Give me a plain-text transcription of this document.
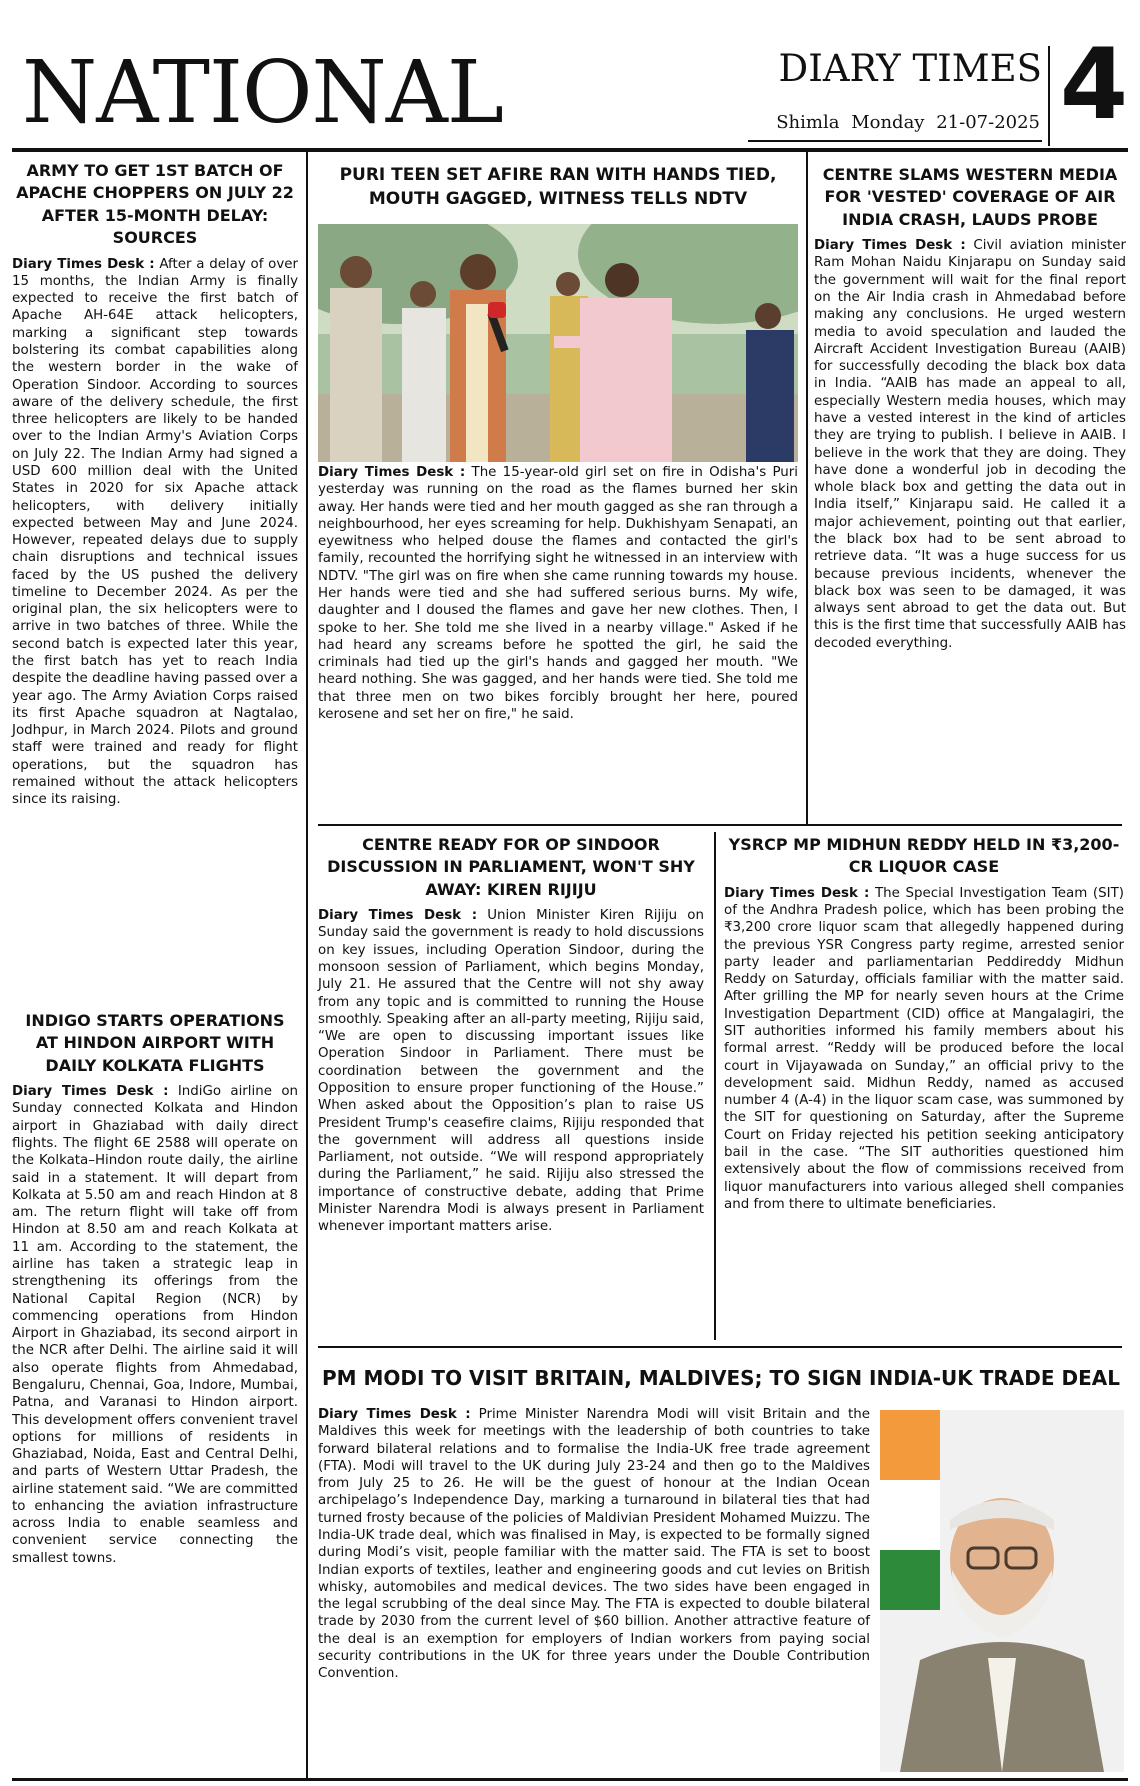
NATIONAL	DIARY TIMES 4
Shimla Monday 21-07-2025
ARMY TO GET 1ST BATCH OF APACHE CHOPPERS ON JULY 22 AFTER 15-MONTH DELAY: SOURCES
Diary Times Desk : After a delay of over 15 months, the Indian Army is finally expected to receive the first batch of Apache AH-64E attack helicopters, marking a significant step towards bolstering its combat capabilities along the western border in the wake of Operation Sindoor. According to sources aware of the delivery schedule, the first three helicopters are likely to be handed over to the Indian Army's Aviation Corps on July 22. The Indian Army had signed a USD 600 million deal with the United States in 2020 for six Apache attack helicopters, with delivery initially expected between May and June 2024. However, repeated delays due to supply chain disruptions and technical issues faced by the US pushed the delivery timeline to December 2024. As per the original plan, the six helicopters were to arrive in two batches of three. While the second batch is expected later this year, the first batch has yet to reach India despite the deadline having passed over a year ago. The Army Aviation Corps raised its first Apache squadron at Nagtalao, Jodhpur, in March 2024. Pilots and ground staff were trained and ready for flight operations, but the squadron has remained without the attack helicopters since its raising.
INDIGO STARTS OPERATIONS AT HINDON AIRPORT WITH DAILY KOLKATA FLIGHTS
Diary Times Desk : IndiGo airline on Sunday connected Kolkata and Hindon airport in Ghaziabad with daily direct flights. The flight 6E 2588 will operate on the Kolkata–Hindon route daily, the airline said in a statement. It will depart from Kolkata at 5.50 am and reach Hindon at 8 am. The return flight will take off from Hindon at 8.50 am and reach Kolkata at 11 am. According to the statement, the airline has taken a strategic leap in strengthening its offerings from the National Capital Region (NCR) by commencing operations from Hindon Airport in Ghaziabad, its second airport in the NCR after Delhi. The airline said it will also operate flights from Ahmedabad, Bengaluru, Chennai, Goa, Indore, Mumbai, Patna, and Varanasi to Hindon airport. This development offers convenient travel options for millions of residents in Ghaziabad, Noida, East and Central Delhi, and parts of Western Uttar Pradesh, the airline statement said. “We are committed to enhancing the aviation infrastructure across India to enable seamless and convenient service connecting the smallest towns.
PURI TEEN SET AFIRE RAN WITH HANDS TIED, MOUTH GAGGED, WITNESS TELLS NDTV
Diary Times Desk : The 15-year-old girl set on fire in Odisha's Puri yesterday was running on the road as the flames burned her skin away. Her hands were tied and her mouth gagged as she ran through a neighbourhood, her eyes screaming for help. Dukhishyam Senapati, an eyewitness who helped douse the flames and contacted the girl's family, recounted the horrifying sight he witnessed in an interview with NDTV. "The girl was on fire when she came running towards my house. Her hands were tied and she had suffered serious burns. My wife, daughter and I doused the flames and gave her new clothes. Then, I spoke to her. She told me she lived in a nearby village." Asked if he had heard any screams before he spotted the girl, he said the criminals had tied up the girl's hands and gagged her mouth. "We heard nothing. She was gagged, and her hands were tied. She told me that three men on two bikes forcibly brought her here, poured kerosene and set her on fire," he said.
CENTRE SLAMS WESTERN MEDIA FOR 'VESTED' COVERAGE OF AIR INDIA CRASH, LAUDS PROBE
Diary Times Desk : Civil aviation minister Ram Mohan Naidu Kinjarapu on Sunday said the government will wait for the final report on the Air India crash in Ahmedabad before making any conclusions. He urged western media to avoid speculation and lauded the Aircraft Accident Investigation Bureau (AAIB) for successfully decoding the black box data in India. “AAIB has made an appeal to all, especially Western media houses, which may have a vested interest in the kind of articles they are trying to publish. I believe in AAIB. I believe in the work that they are doing. They have done a wonderful job in decoding the whole black box and getting the data out in India itself,” Kinjarapu said. He called it a major achievement, pointing out that earlier, the black box had to be sent abroad to retrieve data. “It was a huge success for us because previous incidents, whenever the black box was seen to be damaged, it was always sent abroad to get the data out. But this is the first time that successfully AAIB has decoded everything.
CENTRE READY FOR OP SINDOOR DISCUSSION IN PARLIAMENT, WON'T SHY AWAY: KIREN RIJIJU
Diary Times Desk : Union Minister Kiren Rijiju on Sunday said the government is ready to hold discussions on key issues, including Operation Sindoor, during the monsoon session of Parliament, which begins Monday, July 21. He assured that the Centre will not shy away from any topic and is committed to running the House smoothly. Speaking after an all-party meeting, Rijiju said, “We are open to discussing important issues like Operation Sindoor in Parliament. There must be coordination between the government and the Opposition to ensure proper functioning of the House.” When asked about the Opposition’s plan to raise US President Trump's ceasefire claims, Rijiju responded that the government will address all questions inside Parliament, not outside. “We will respond appropriately during the Parliament,” he said. Rijiju also stressed the importance of constructive debate, adding that Prime Minister Narendra Modi is always present in Parliament whenever important matters arise.
YSRCP MP MIDHUN REDDY HELD IN ₹3,200-CR LIQUOR CASE
Diary Times Desk : The Special Investigation Team (SIT) of the Andhra Pradesh police, which has been probing the ₹3,200 crore liquor scam that allegedly happened during the previous YSR Congress party regime, arrested senior party leader and parliamentarian Peddireddy Midhun Reddy on Saturday, officials familiar with the matter said. After grilling the MP for nearly seven hours at the Crime Investigation Department (CID) office at Mangalagiri, the SIT authorities informed his family members about his formal arrest. “Reddy will be produced before the local court in Vijayawada on Sunday,” an official privy to the development said. Midhun Reddy, named as accused number 4 (A-4) in the liquor scam case, was summoned by the SIT for questioning on Saturday, after the Supreme Court on Friday rejected his petition seeking anticipatory bail in the case. “The SIT authorities questioned him extensively about the flow of commissions received from liquor manufacturers into various alleged shell companies and from there to ultimate beneficiaries.
PM MODI TO VISIT BRITAIN, MALDIVES; TO SIGN INDIA-UK TRADE DEAL
Diary Times Desk : Prime Minister Narendra Modi will visit Britain and the Maldives this week for meetings with the leadership of both countries to take forward bilateral relations and to formalise the India-UK free trade agreement (FTA). Modi will travel to the UK during July 23-24 and then go to the Maldives from July 25 to 26. He will be the guest of honour at the Indian Ocean archipelago’s Independence Day, marking a turnaround in bilateral ties that had turned frosty because of the policies of Maldivian President Mohamed Muizzu. The India-UK trade deal, which was finalised in May, is expected to be formally signed during Modi’s visit, people familiar with the matter said. The FTA is set to boost Indian exports of textiles, leather and engineering goods and cut levies on British whisky, automobiles and medical devices. The two sides have been engaged in the legal scrubbing of the deal since May. The FTA is expected to double bilateral trade by 2030 from the current level of $60 billion. Another attractive feature of the deal is an exemption for employers of Indian workers from paying social security contributions in the UK for three years under the Double Contribution Convention.
